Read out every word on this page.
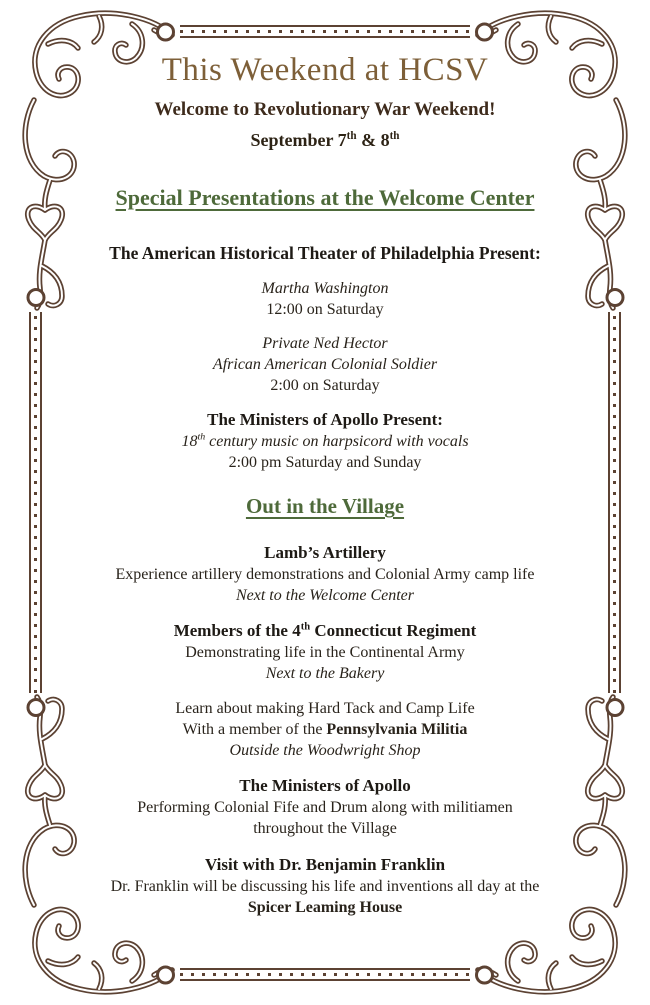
This Weekend at HCSV
Welcome to Revolutionary War Weekend!
September 7th & 8th
Special Presentations at the Welcome Center
The American Historical Theater of Philadelphia Present:
Martha Washington
12:00 on Saturday
Private Ned Hector
African American Colonial Soldier
2:00 on Saturday
The Ministers of Apollo Present:
18th century music on harpsicord with vocals
2:00 pm Saturday and Sunday
Out in the Village
Lamb’s Artillery
Experience artillery demonstrations and Colonial Army camp life
Next to the Welcome Center
Members of the 4th Connecticut Regiment
Demonstrating life in the Continental Army
Next to the Bakery
Learn about making Hard Tack and Camp Life
With a member of the Pennsylvania Militia
Outside the Woodwright Shop
The Ministers of Apollo
Performing Colonial Fife and Drum along with militiamen
throughout the Village
Visit with Dr. Benjamin Franklin
Dr. Franklin will be discussing his life and inventions all day at the
Spicer Leaming House
